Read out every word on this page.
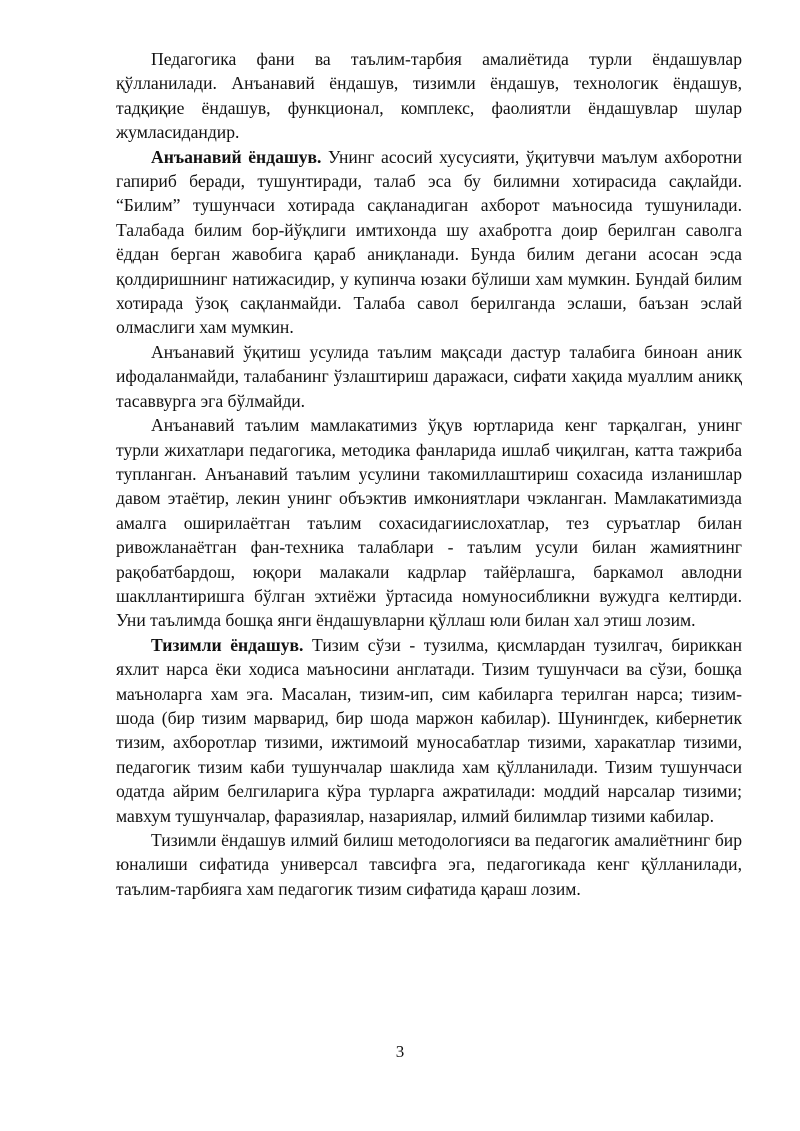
Педагогика фани ва таълим-тарбия амалиётида турли ёндашувлар қўлланилади. Анъанавий ёндашув, тизимли ёндашув, технологик ёндашув, тадқиқие ёндашув, функционал, комплекс, фаолиятли ёндашувлар шулар жумласидандир.

Анъанавий ёндашув. Унинг асосий хусусияти, ўқитувчи маълум ахборотни гапириб беради, тушунтиради, талаб эса бу билимни хотирасида сақлайди. “Билим” тушунчаси хотирада сақланадиган ахборот маъносида тушунилади. Талабада билим бор-йўқлиги имтихонда шу ахабротга доир берилган саволга ёддан берган жавобига қараб аниқланади. Бунда билим дегани асосан эсда қолдиришнинг натижасидир, у купинча юзаки бўлиши хам мумкин. Бундай билим хотирада ўзоқ сақланмайди. Талаба савол берилганда эслаши, баъзан эслай олмаслиги хам мумкин.

Анъанавий ўқитиш усулида таълим мақсади дастур талабига биноан аник ифодаланмайди, талабанинг ўзлаштириш даражаси, сифати хақида муаллим аникқ тасаввурга эга бўлмайди.

Анъанавий таълим мамлакатимиз ўқув юртларида кенг тарқалган, унинг турли жихатлари педагогика, методика фанларида ишлаб чиқилган, катта тажриба тупланган. Анъанавий таълим усулини такомиллаштириш сохасида изланишлар давом этаётир, лекин унинг объэктив имкониятлари чэкланган. Мамлакатимизда амалга оширилаётган таълим сохасидагиислохатлар, тез суръатлар билан ривожланаётган фан-техника талаблари - таълим усули билан жамиятнинг рақобатбардош, юқори малакали кадрлар тайёрлашга, баркамол авлодни шакллантиришга бўлган эхтиёжи ўртасида номуносибликни вужудга келтирди. Уни таълимда бошқа янги ёндашувларни қўллаш юли билан хал этиш лозим.

Тизимли ёндашув. Тизим сўзи - тузилма, қисмлардан тузилгач, бириккан яхлит нарса ёки ходиса маъносини англатади. Тизим тушунчаси ва сўзи, бошқа маъноларга хам эга. Масалан, тизим-ип, сим кабиларга терилган нарса; тизим-шода (бир тизим марварид, бир шода маржон кабилар). Шунингдек, кибернетик тизим, ахборотлар тизими, ижтимоий муносабатлар тизими, харакатлар тизими, педагогик тизим каби тушунчалар шаклида хам қўлланилади. Тизим тушунчаси одатда айрим белгиларига кўра турларга ажратилади: моддий нарсалар тизими; мавхум тушунчалар, фаразиялар, назариялар, илмий билимлар тизими кабилар.

Тизимли ёндашув илмий билиш методологияси ва педагогик амалиётнинг бир юналиши сифатида универсал тавсифга эга, педагогикада кенг қўлланилади, таълим-тарбияга хам педагогик тизим сифатида қараш лозим.

3
